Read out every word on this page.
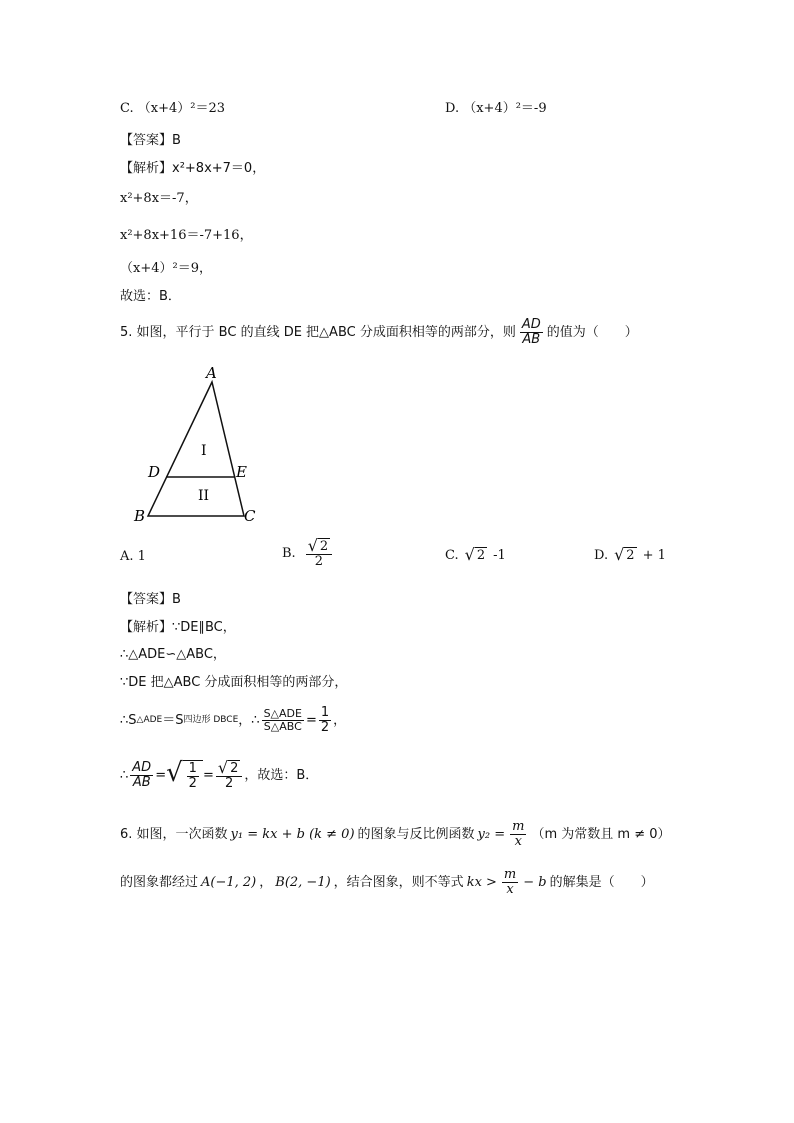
C. （x+4）²＝23	D. （x+4）²＝-9
【答案】B
【解析】x²+8x+7＝0，
x²+8x＝-7，
x²+8x+16＝-7+16，
（x+4）²＝9，
故选：B．
5. 如图，平行于 BC 的直线 DE 把△ABC 分成面积相等的两部分，则 $\frac{AD}{AB}$ 的值为（　　）
A
B	C
D	E
I
II
A. 1	B. $\frac{√ 2}{2}$	C. √ 2 -1	D. √ 2 + 1
【答案】B
【解析】∵DE∥BC，
∴△ADE∽△ABC，
∵DE 把△ABC 分成面积相等的两部分，
∴S △ADE ＝S 四边形 DBCE ，∴ $\frac{\text{S△ADE}}{\text{S△ABC}} = \frac{1}{2}$ ，
∴ $\frac{AD}{AB}$ = √ $\frac{1}{2} = \frac{√ 2}{2}$ ，故选：B．
6. 如图，一次函数 y₁ = kx + b (k ≠ 0) 的图象与反比例函数 $y_2 = \frac{m}{x} (m$ 为常数且 m ≠ 0）
的图象都经过 A(−1, 2) ， B(2, −1) ，结合图象，则不等式 kx > $\frac{m}{x} - b$ 的解集是（　　）
